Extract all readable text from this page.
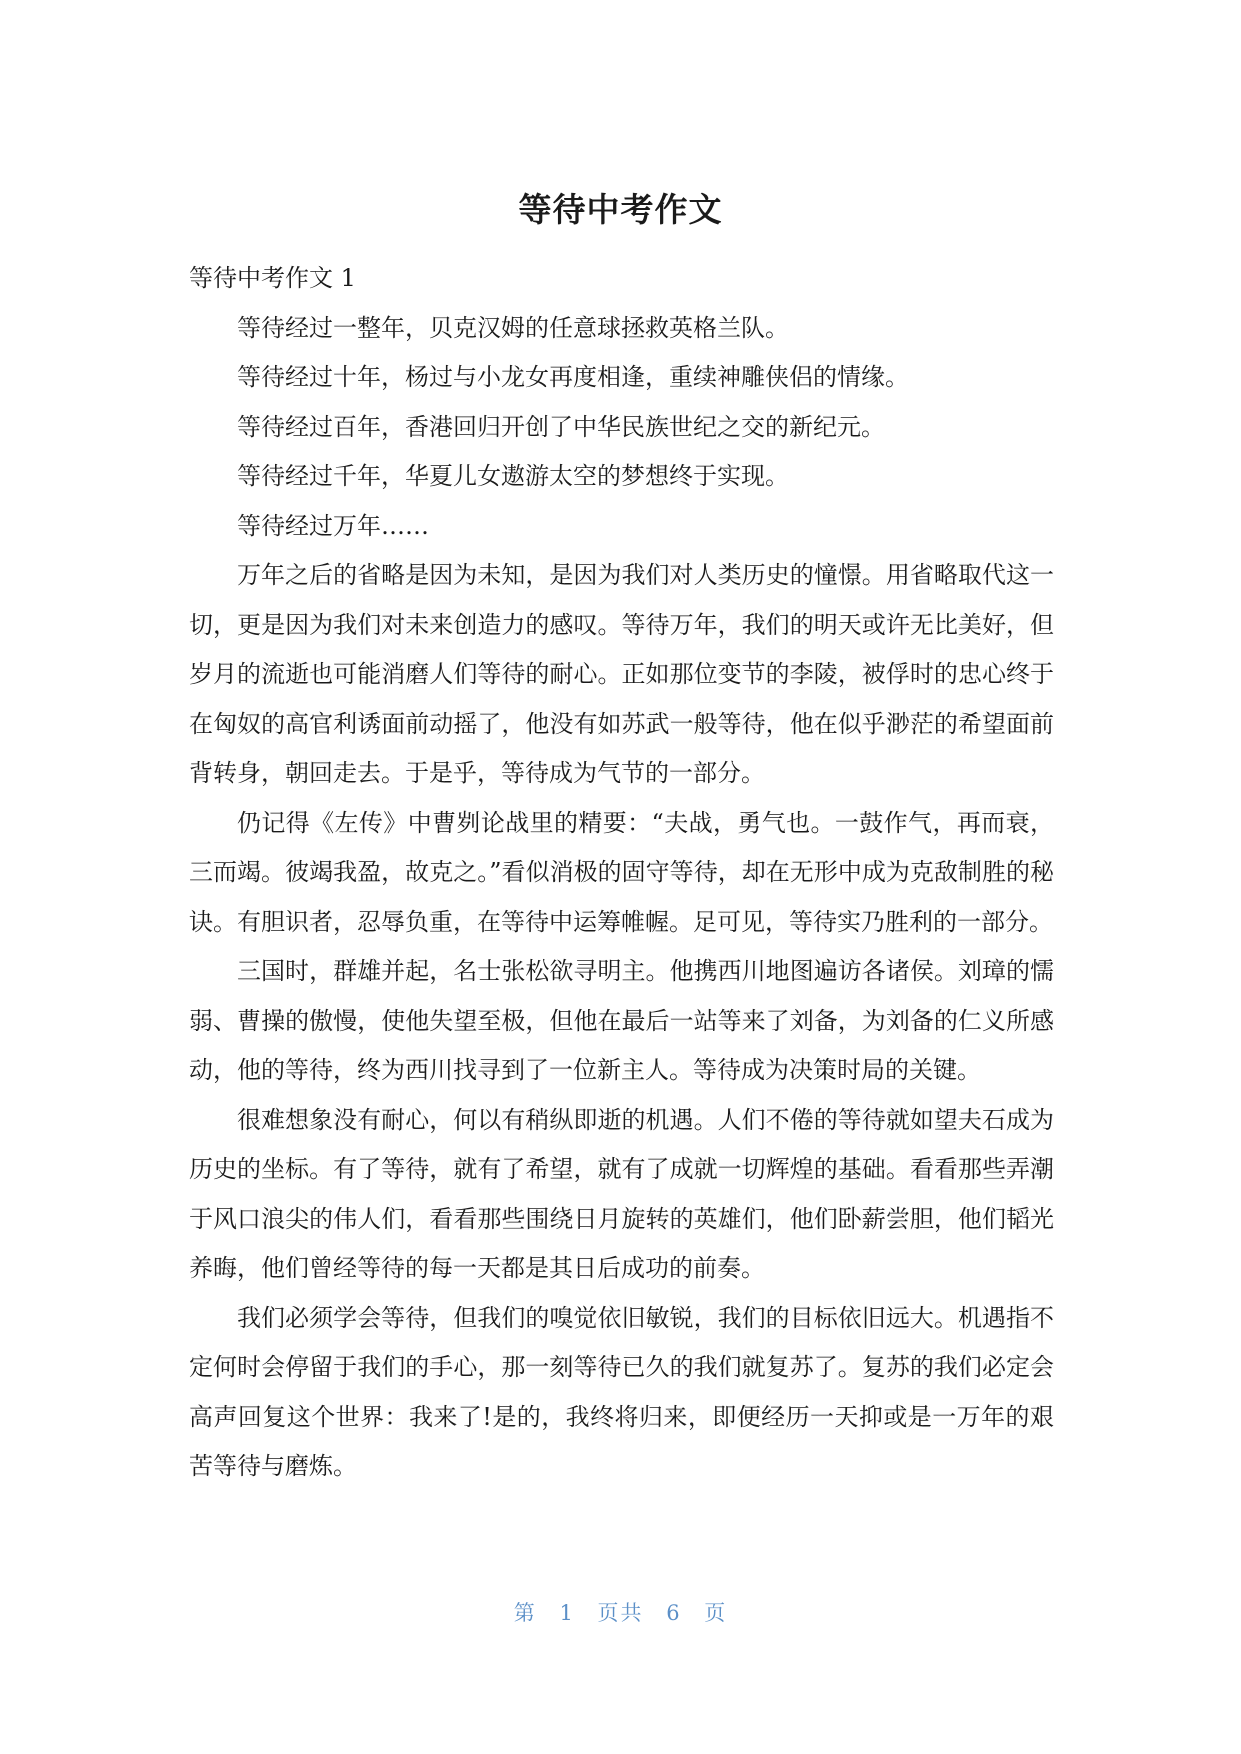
等待中考作文

等待中考作文 1

等待经过一整年，贝克汉姆的任意球拯救英格兰队。

等待经过十年，杨过与小龙女再度相逢，重续神雕侠侣的情缘。

等待经过百年，香港回归开创了中华民族世纪之交的新纪元。

等待经过千年，华夏儿女遨游太空的梦想终于实现。

等待经过万年……

万年之后的省略是因为未知，是因为我们对人类历史的憧憬。用省略取代这一切，更是因为我们对未来创造力的感叹。等待万年，我们的明天或许无比美好，但岁月的流逝也可能消磨人们等待的耐心。正如那位变节的李陵，被俘时的忠心终于在匈奴的高官利诱面前动摇了，他没有如苏武一般等待，他在似乎渺茫的希望面前背转身，朝回走去。于是乎，等待成为气节的一部分。

仍记得《左传》中曹刿论战里的精要：“夫战，勇气也。一鼓作气，再而衰，三而竭。彼竭我盈，故克之。”看似消极的固守等待，却在无形中成为克敌制胜的秘诀。有胆识者，忍辱负重，在等待中运筹帷幄。足可见，等待实乃胜利的一部分。

三国时，群雄并起，名士张松欲寻明主。他携西川地图遍访各诸侯。刘璋的懦弱、曹操的傲慢，使他失望至极，但他在最后一站等来了刘备，为刘备的仁义所感动，他的等待，终为西川找寻到了一位新主人。等待成为决策时局的关键。

很难想象没有耐心，何以有稍纵即逝的机遇。人们不倦的等待就如望夫石成为历史的坐标。有了等待，就有了希望，就有了成就一切辉煌的基础。看看那些弄潮于风口浪尖的伟人们，看看那些围绕日月旋转的英雄们，他们卧薪尝胆，他们韬光养晦，他们曾经等待的每一天都是其日后成功的前奏。

我们必须学会等待，但我们的嗅觉依旧敏锐，我们的目标依旧远大。机遇指不定何时会停留于我们的手心，那一刻等待已久的我们就复苏了。复苏的我们必定会高声回复这个世界：我来了!是的，我终将归来，即便经历一天抑或是一万年的艰苦等待与磨炼。

第 1 页共 6 页
